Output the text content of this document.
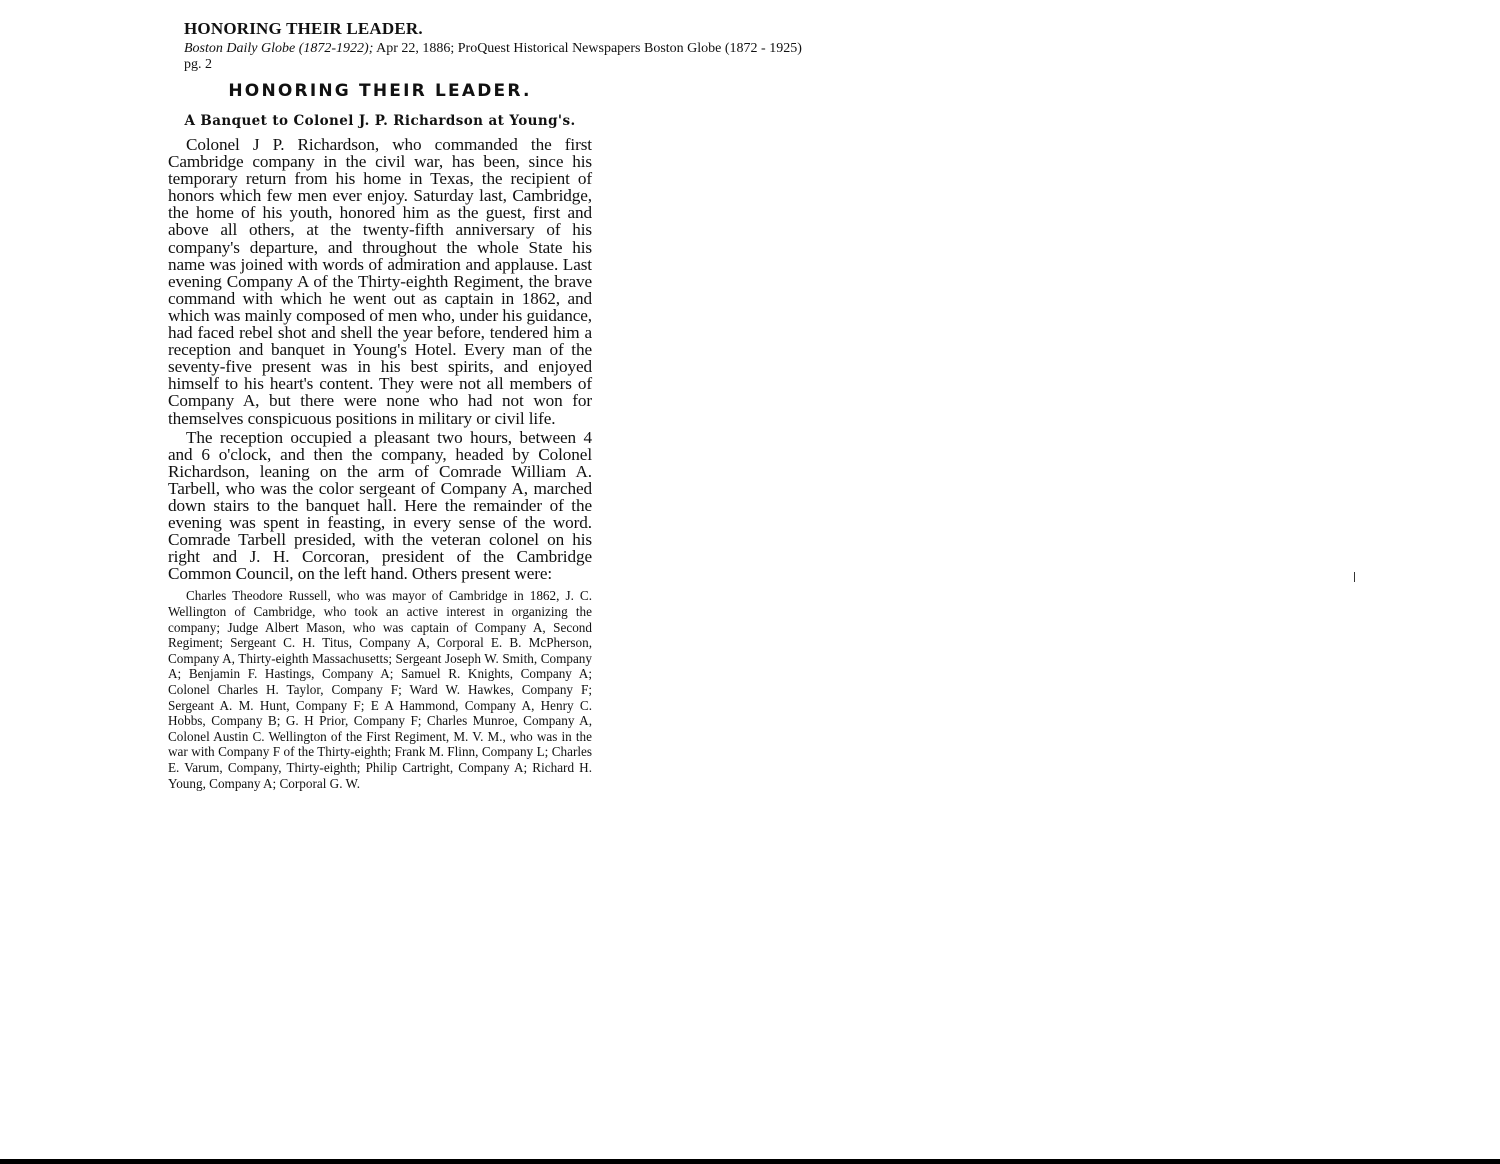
HONORING THEIR LEADER.
Boston Daily Globe (1872-1922); Apr 22, 1886; ProQuest Historical Newspapers Boston Globe (1872 - 1925)
pg. 2
HONORING THEIR LEADER.
A Banquet to Colonel J. P. Richardson at Young's.

Colonel J P. Richardson, who commanded the first Cambridge company in the civil war, has been, since his temporary return from his home in Texas, the recipient of honors which few men ever enjoy. Saturday last, Cambridge, the home of his youth, honored him as the guest, first and above all others, at the twenty-fifth anniversary of his company's departure, and throughout the whole State his name was joined with words of admiration and applause. Last evening Company A of the Thirty-eighth Regiment, the brave command with which he went out as captain in 1862, and which was mainly composed of men who, under his guidance, had faced rebel shot and shell the year before, tendered him a reception and banquet in Young's Hotel. Every man of the seventy-five present was in his best spirits, and enjoyed himself to his heart's content. They were not all members of Company A, but there were none who had not won for themselves conspicuous positions in military or civil life.

The reception occupied a pleasant two hours, between 4 and 6 o'clock, and then the company, headed by Colonel Richardson, leaning on the arm of Comrade William A. Tarbell, who was the color sergeant of Company A, marched down stairs to the banquet hall. Here the remainder of the evening was spent in feasting, in every sense of the word. Comrade Tarbell presided, with the veteran colonel on his right and J. H. Corcoran, president of the Cambridge Common Council, on the left hand. Others present were:

Charles Theodore Russell, who was mayor of Cambridge in 1862, J. C. Wellington of Cambridge, who took an active interest in organizing the company; Judge Albert Mason, who was captain of Company A, Second Regiment; Sergeant C. H. Titus, Company A, Corporal E. B. McPherson, Company A, Thirty-eighth Massachusetts; Sergeant Joseph W. Smith, Company A; Benjamin F. Hastings, Company A; Samuel R. Knights, Company A; Colonel Charles H. Taylor, Company F; Ward W. Hawkes, Company F; Sergeant A. M. Hunt, Company F; E A Hammond, Company A, Henry C. Hobbs, Company B; G. H Prior, Company F; Charles Munroe, Company A, Colonel Austin C. Wellington of the First Regiment, M. V. M., who was in the war with Company F of the Thirty-eighth; Frank M. Flinn, Company L; Charles E. Varum, Company, Thirty-eighth; Philip Cartright, Company A; Richard H. Young, Company A; Corporal G. W.
